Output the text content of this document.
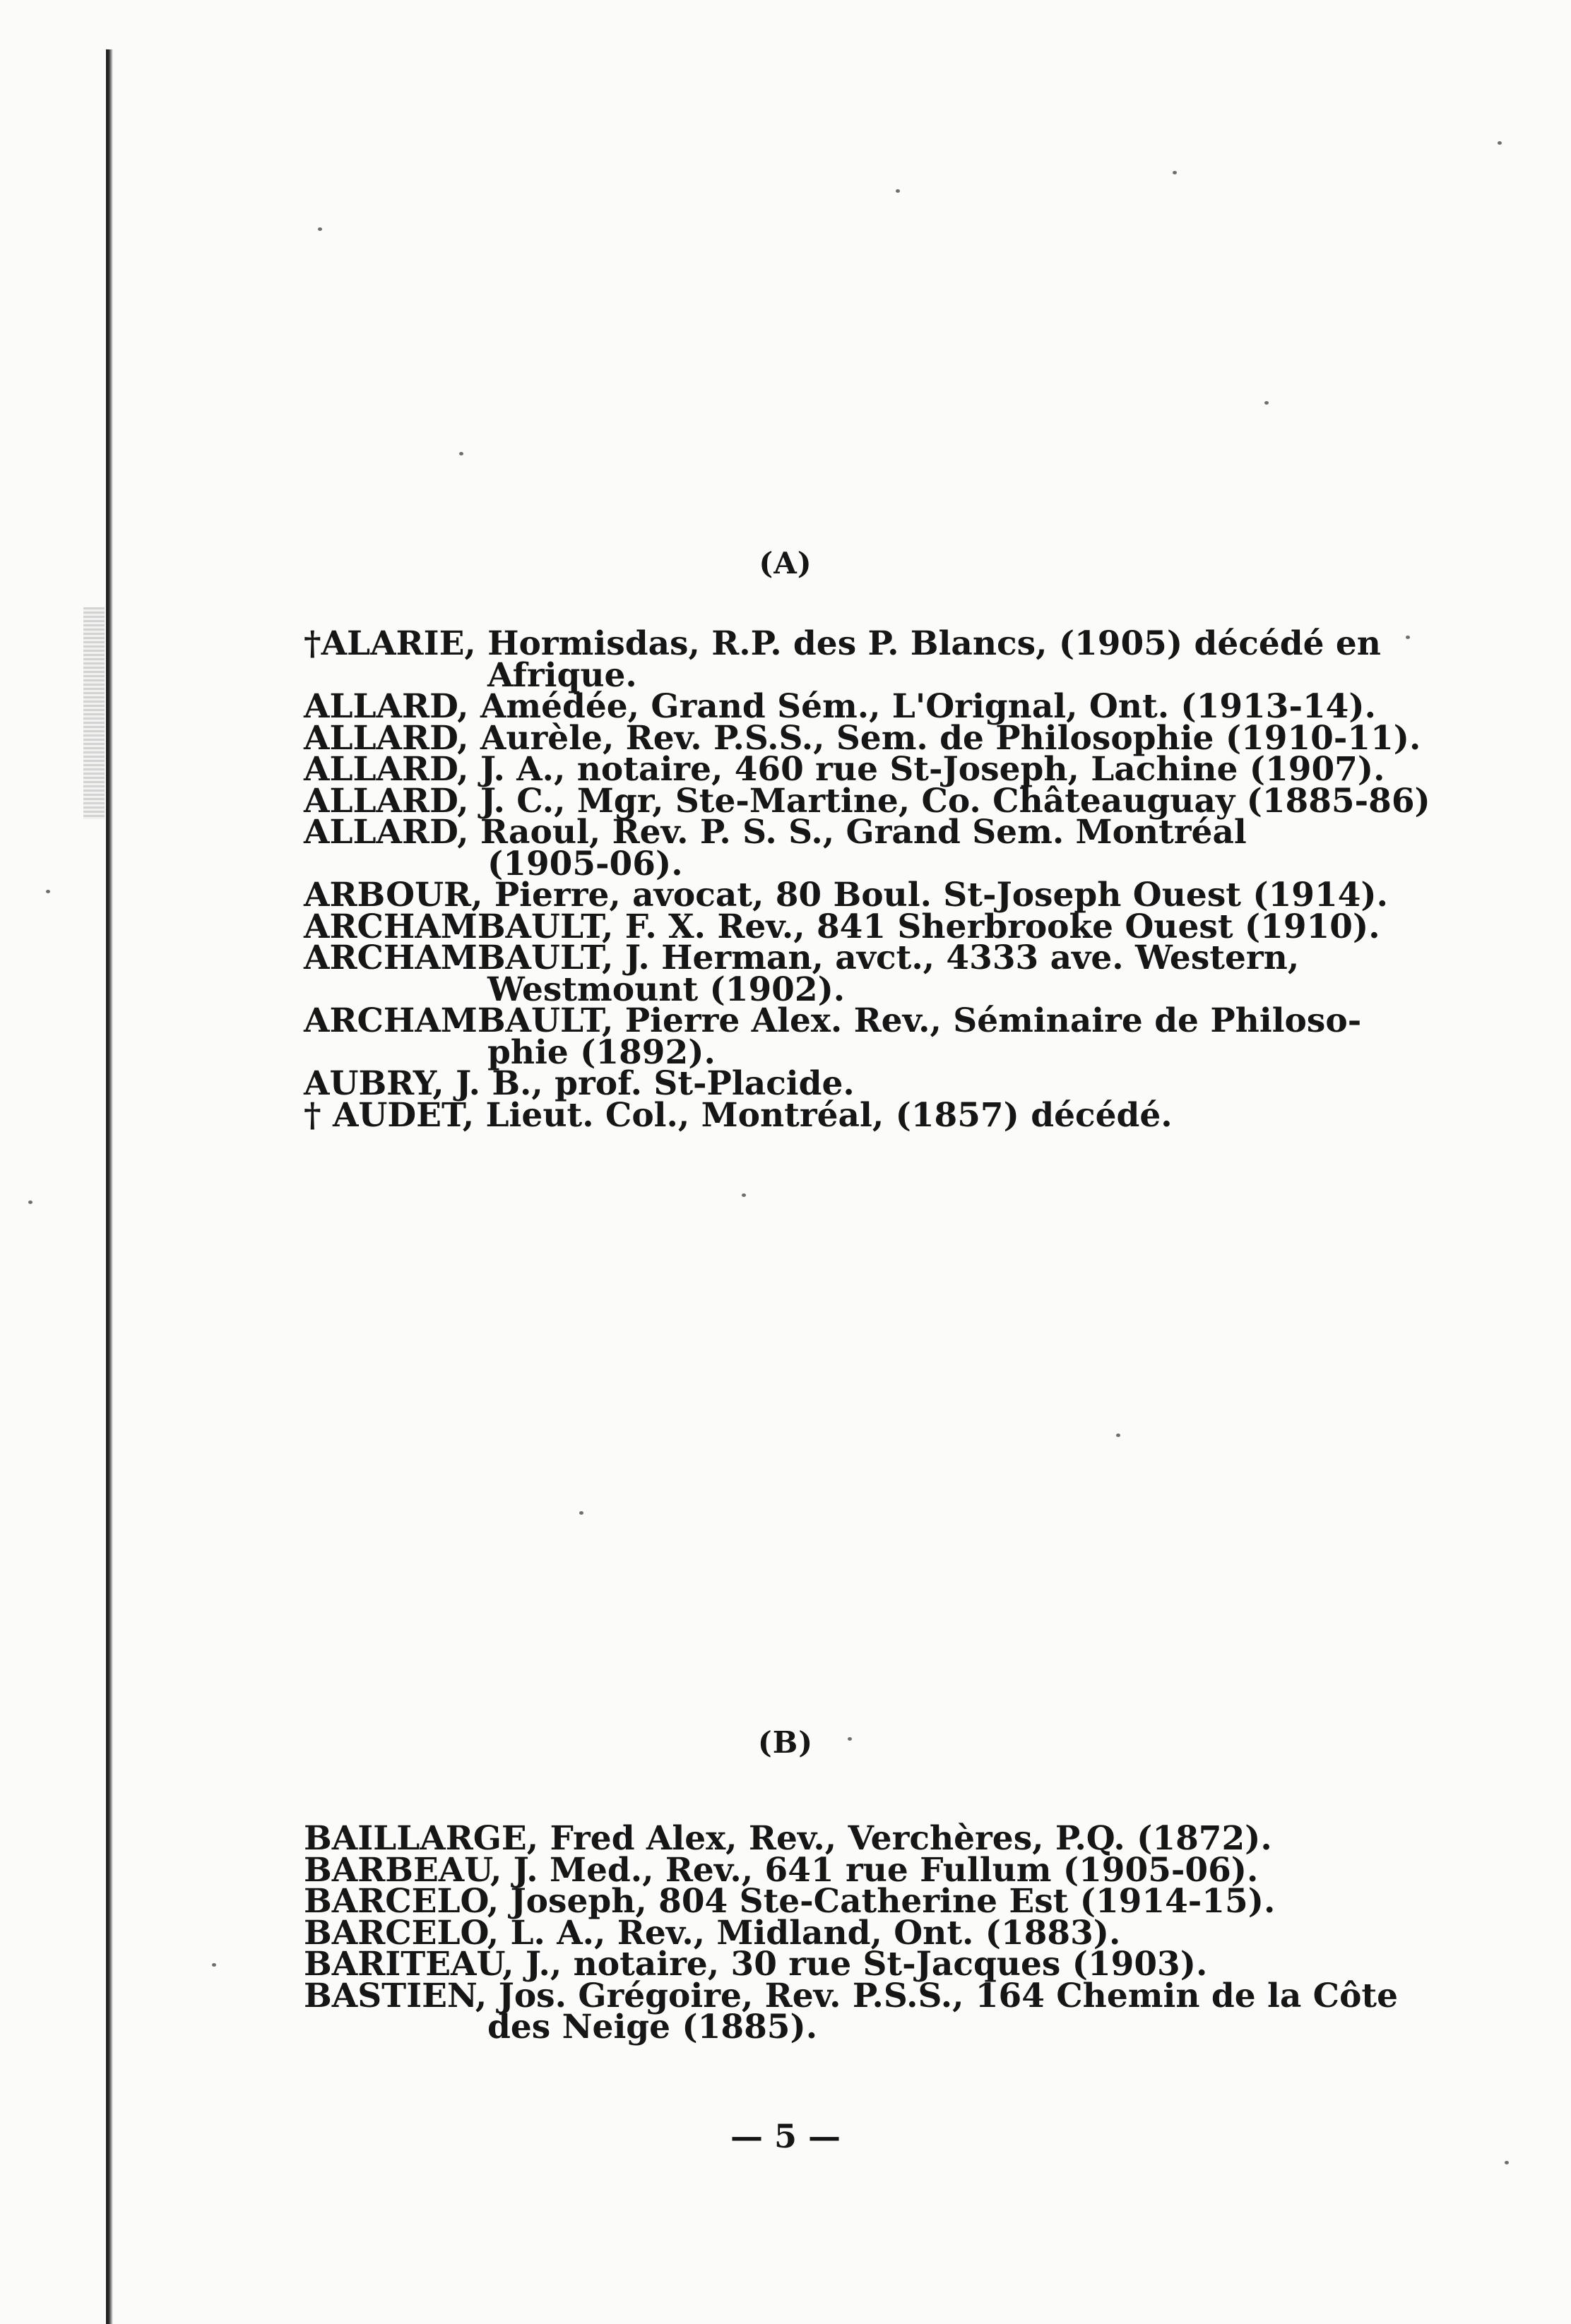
(A)
†ALARIE, Hormisdas, R.P. des P. Blancs, (1905) décédé en
Afrique.
ALLARD, Amédée, Grand Sém., L'Orignal, Ont. (1913-14).
ALLARD, Aurèle, Rev. P.S.S., Sem. de Philosophie (1910-11).
ALLARD, J. A., notaire, 460 rue St-Joseph, Lachine (1907).
ALLARD, J. C., Mgr, Ste-Martine, Co. Châteauguay (1885-86)
ALLARD, Raoul, Rev. P. S. S., Grand Sem. Montréal
(1905-06).
ARBOUR, Pierre, avocat, 80 Boul. St-Joseph Ouest (1914).
ARCHAMBAULT, F. X. Rev., 841 Sherbrooke Ouest (1910).
ARCHAMBAULT, J. Herman, avct., 4333 ave. Western,
Westmount (1902).
ARCHAMBAULT, Pierre Alex. Rev., Séminaire de Philoso-
phie (1892).
AUBRY, J. B., prof. St-Placide.
† AUDET, Lieut. Col., Montréal, (1857) décédé.
(B)
BAILLARGE, Fred Alex, Rev., Verchères, P.Q. (1872).
BARBEAU, J. Med., Rev., 641 rue Fullum (1905-06).
BARCELO, Joseph, 804 Ste-Catherine Est (1914-15).
BARCELO, L. A., Rev., Midland, Ont. (1883).
BARITEAU, J., notaire, 30 rue St-Jacques (1903).
BASTIEN, Jos. Grégoire, Rev. P.S.S., 164 Chemin de la Côte
des Neige (1885).
— 5 —
